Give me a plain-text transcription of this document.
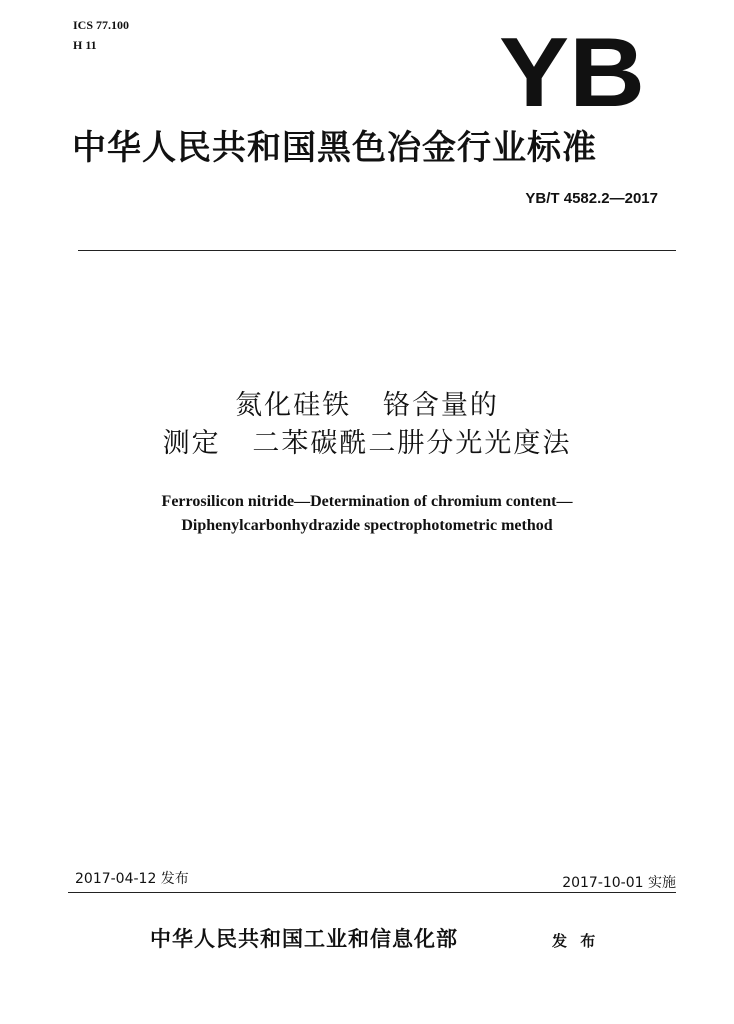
ICS 77.100
H 11	YB
中华人民共和国黑色冶金行业标准
YB/T 4582.2—2017
氮化硅铁   铬含量的
测定   二苯碳酰二肼分光光度法
Ferrosilicon nitride—Determination of chromium content—
Diphenylcarbonhydrazide spectrophotometric method
2017-04-12 发布	2017-10-01 实施
中华人民共和国工业和信息化部	发 布
